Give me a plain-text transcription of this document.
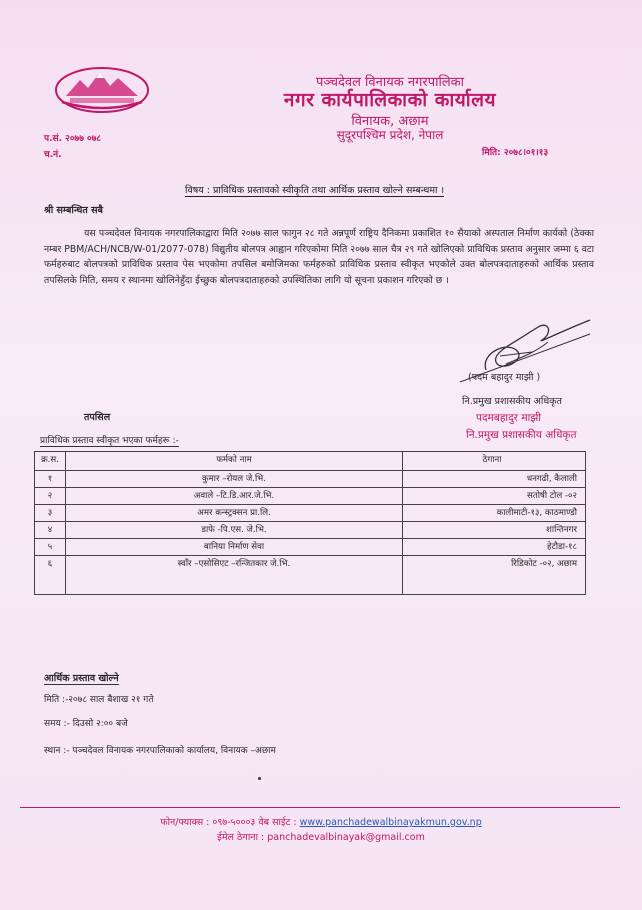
पञ्चदेवल विनायक नगरपालिका
नगर कार्यपालिकाको कार्यालय
विनायक, अछाम
सुदूरपश्चिम प्रदेश, नेपाल
प.सं. २०७७ ०७८
च.नं.	मिति: २०७८।०१।१३
विषय : प्राविधिक प्रस्तावको स्वीकृति तथा आर्थिक प्रस्ताव खोल्ने सम्बन्धमा ।
श्री सम्बन्धित सबै
यस पञ्चदेवल विनायक नगरपालिकाद्वारा मिति २०७७ साल फागुन २८ गते अन्नपूर्ण राष्ट्रिय दैनिकमा प्रकाशित १० सैयाको अस्पताल निर्माण कार्यको (ठेक्का नम्बर PBM/ACH/NCB/W-01/2077-078) विद्युतीय बोलपत्र आह्वान गरिएकोमा मिति २०७७ साल चैत्र २९ गते खोलिएको प्राविधिक प्रस्ताव अनुसार जम्मा ६ वटा फर्महरुबाट बोलपत्रको प्राविधिक प्रस्ताव पेस भएकोमा तपसिल बमोजिमका फर्महरुको प्राविधिक प्रस्ताव स्वीकृत भएकोले उक्त बोलपत्रदाताहरुको आर्थिक प्रस्ताव तपसिलके मिति, समय र स्थानमा खोलिनेहुँदा ईच्छुक बोलपत्रदाताहरुको उपस्थितिका लागि यो सूचना प्रकाशन गरिएको छ ।
(पदम बहादुर माझी )
नि.प्रमुख प्रशासकीय अधिकृत
पदमबहादुर माझी
नि.प्रमुख प्रशासकीय अधिकृत
तपसिल
प्राविधिक प्रस्ताव स्वीकृत भएका फर्महरू :-
क्र.स.	फर्मको नाम	ठेगाना
१	कुमार –रोयल जे.भि.	धनगढी, कैलाली
२	अवाले –टि.डि.आर.जे.भि.	सतोषी टोल -०२
३	अमर कन्स्ट्रक्सन प्रा.लि.	कालीमाटी-१३, काठमाण्डौ
४	डाफे -पि.एस. जे.भि.	शान्तिनगर
५	बानिया निर्माण सेवा	हेटौडा-१८
६	स्वाँर –एसोसिएट –रन्जितकार जे.भि.	रिडिकोट -०२, अछाम
आर्थिक प्रस्ताव खोल्ने
मिति :-२०७८ साल बैशाख २१ गते
समय :- दिउसो २:०० बजे
स्थान :- पञ्चदेवल विनायक नगरपालिकाको कार्यालय, विनायक –अछाम
फोन/फ्याक्स : ०९७-५०००३ वेब साईट : www.panchadewalbinayakmun.gov.np
ईमेल ठेगाना : panchadevalbinayak@gmail.com
